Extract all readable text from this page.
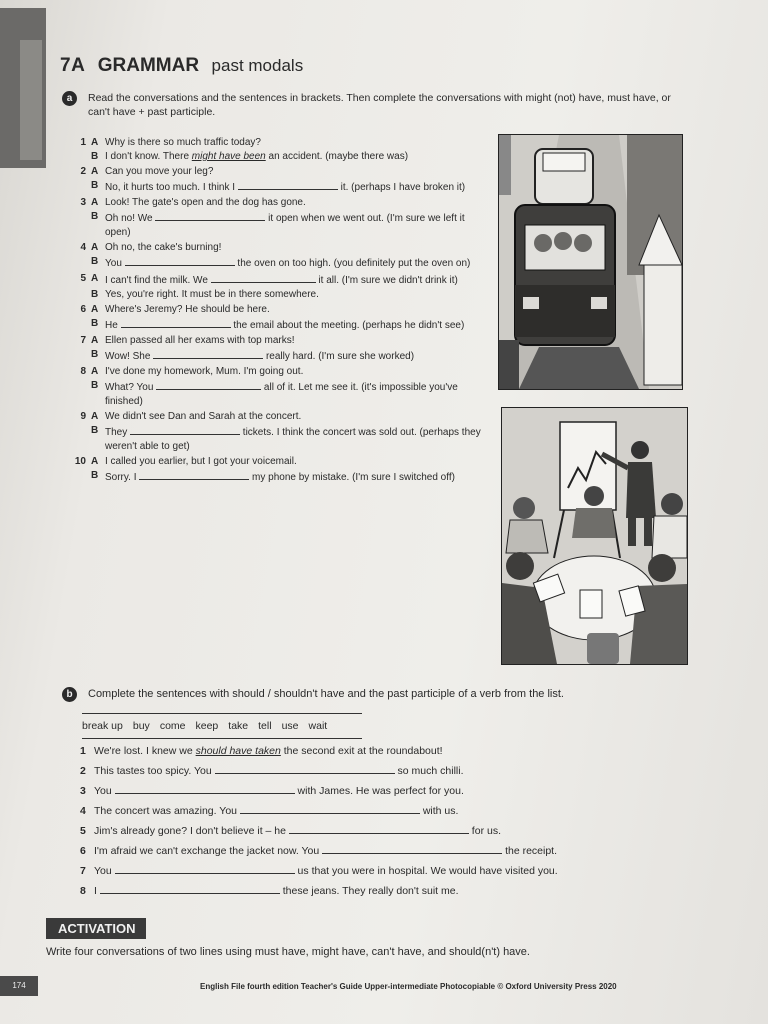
7A GRAMMAR past modals
a	Read the conversations and the sentences in brackets. Then complete the conversations with might (not) have, must have, or can't have + past participle.
1 A Why is there so much traffic today?
B I don't know. There might have been an accident. (maybe there was)
2 A Can you move your leg?
B No, it hurts too much. I think I	it. (perhaps I have broken it)
3 A Look! The gate's open and the dog has gone.
B Oh no! We	it open when we went out. (I'm sure we left it open)
4 A Oh no, the cake's burning!
B You	the oven on too high. (you definitely put the oven on)
5 A I can't find the milk. We	it all. (I'm sure we didn't drink it)
B Yes, you're right. It must be in there somewhere.
6 A Where's Jeremy? He should be here.
B He	the email about the meeting. (perhaps he didn't see)
7 A Ellen passed all her exams with top marks!
B Wow! She	really hard. (I'm sure she worked)
8 A I've done my homework, Mum. I'm going out.
B What? You	all of it. Let me see it. (it's impossible you've finished)
9 A We didn't see Dan and Sarah at the concert.
B They	tickets. I think the concert was sold out. (perhaps they weren't able to get)
10 A I called you earlier, but I got your voicemail.
B Sorry. I	my phone by mistake. (I'm sure I switched off)
b	Complete the sentences with should / shouldn't have and the past participle of a verb from the list.
break up buy come keep take tell use wait
1 We're lost. I knew we should have taken the second exit at the roundabout!
2 This tastes too spicy. You	so much chilli.
3 You	with James. He was perfect for you.
4 The concert was amazing. You	with us.
5 Jim's already gone? I don't believe it – he	for us.
6 I'm afraid we can't exchange the jacket now. You	the receipt.
7 You	us that you were in hospital. We would have visited you.
8 I	these jeans. They really don't suit me.
ACTIVATION
Write four conversations of two lines using must have, might have, can't have, and should(n't) have.
174	English File fourth edition Teacher's Guide Upper-intermediate Photocopiable © Oxford University Press 2020
